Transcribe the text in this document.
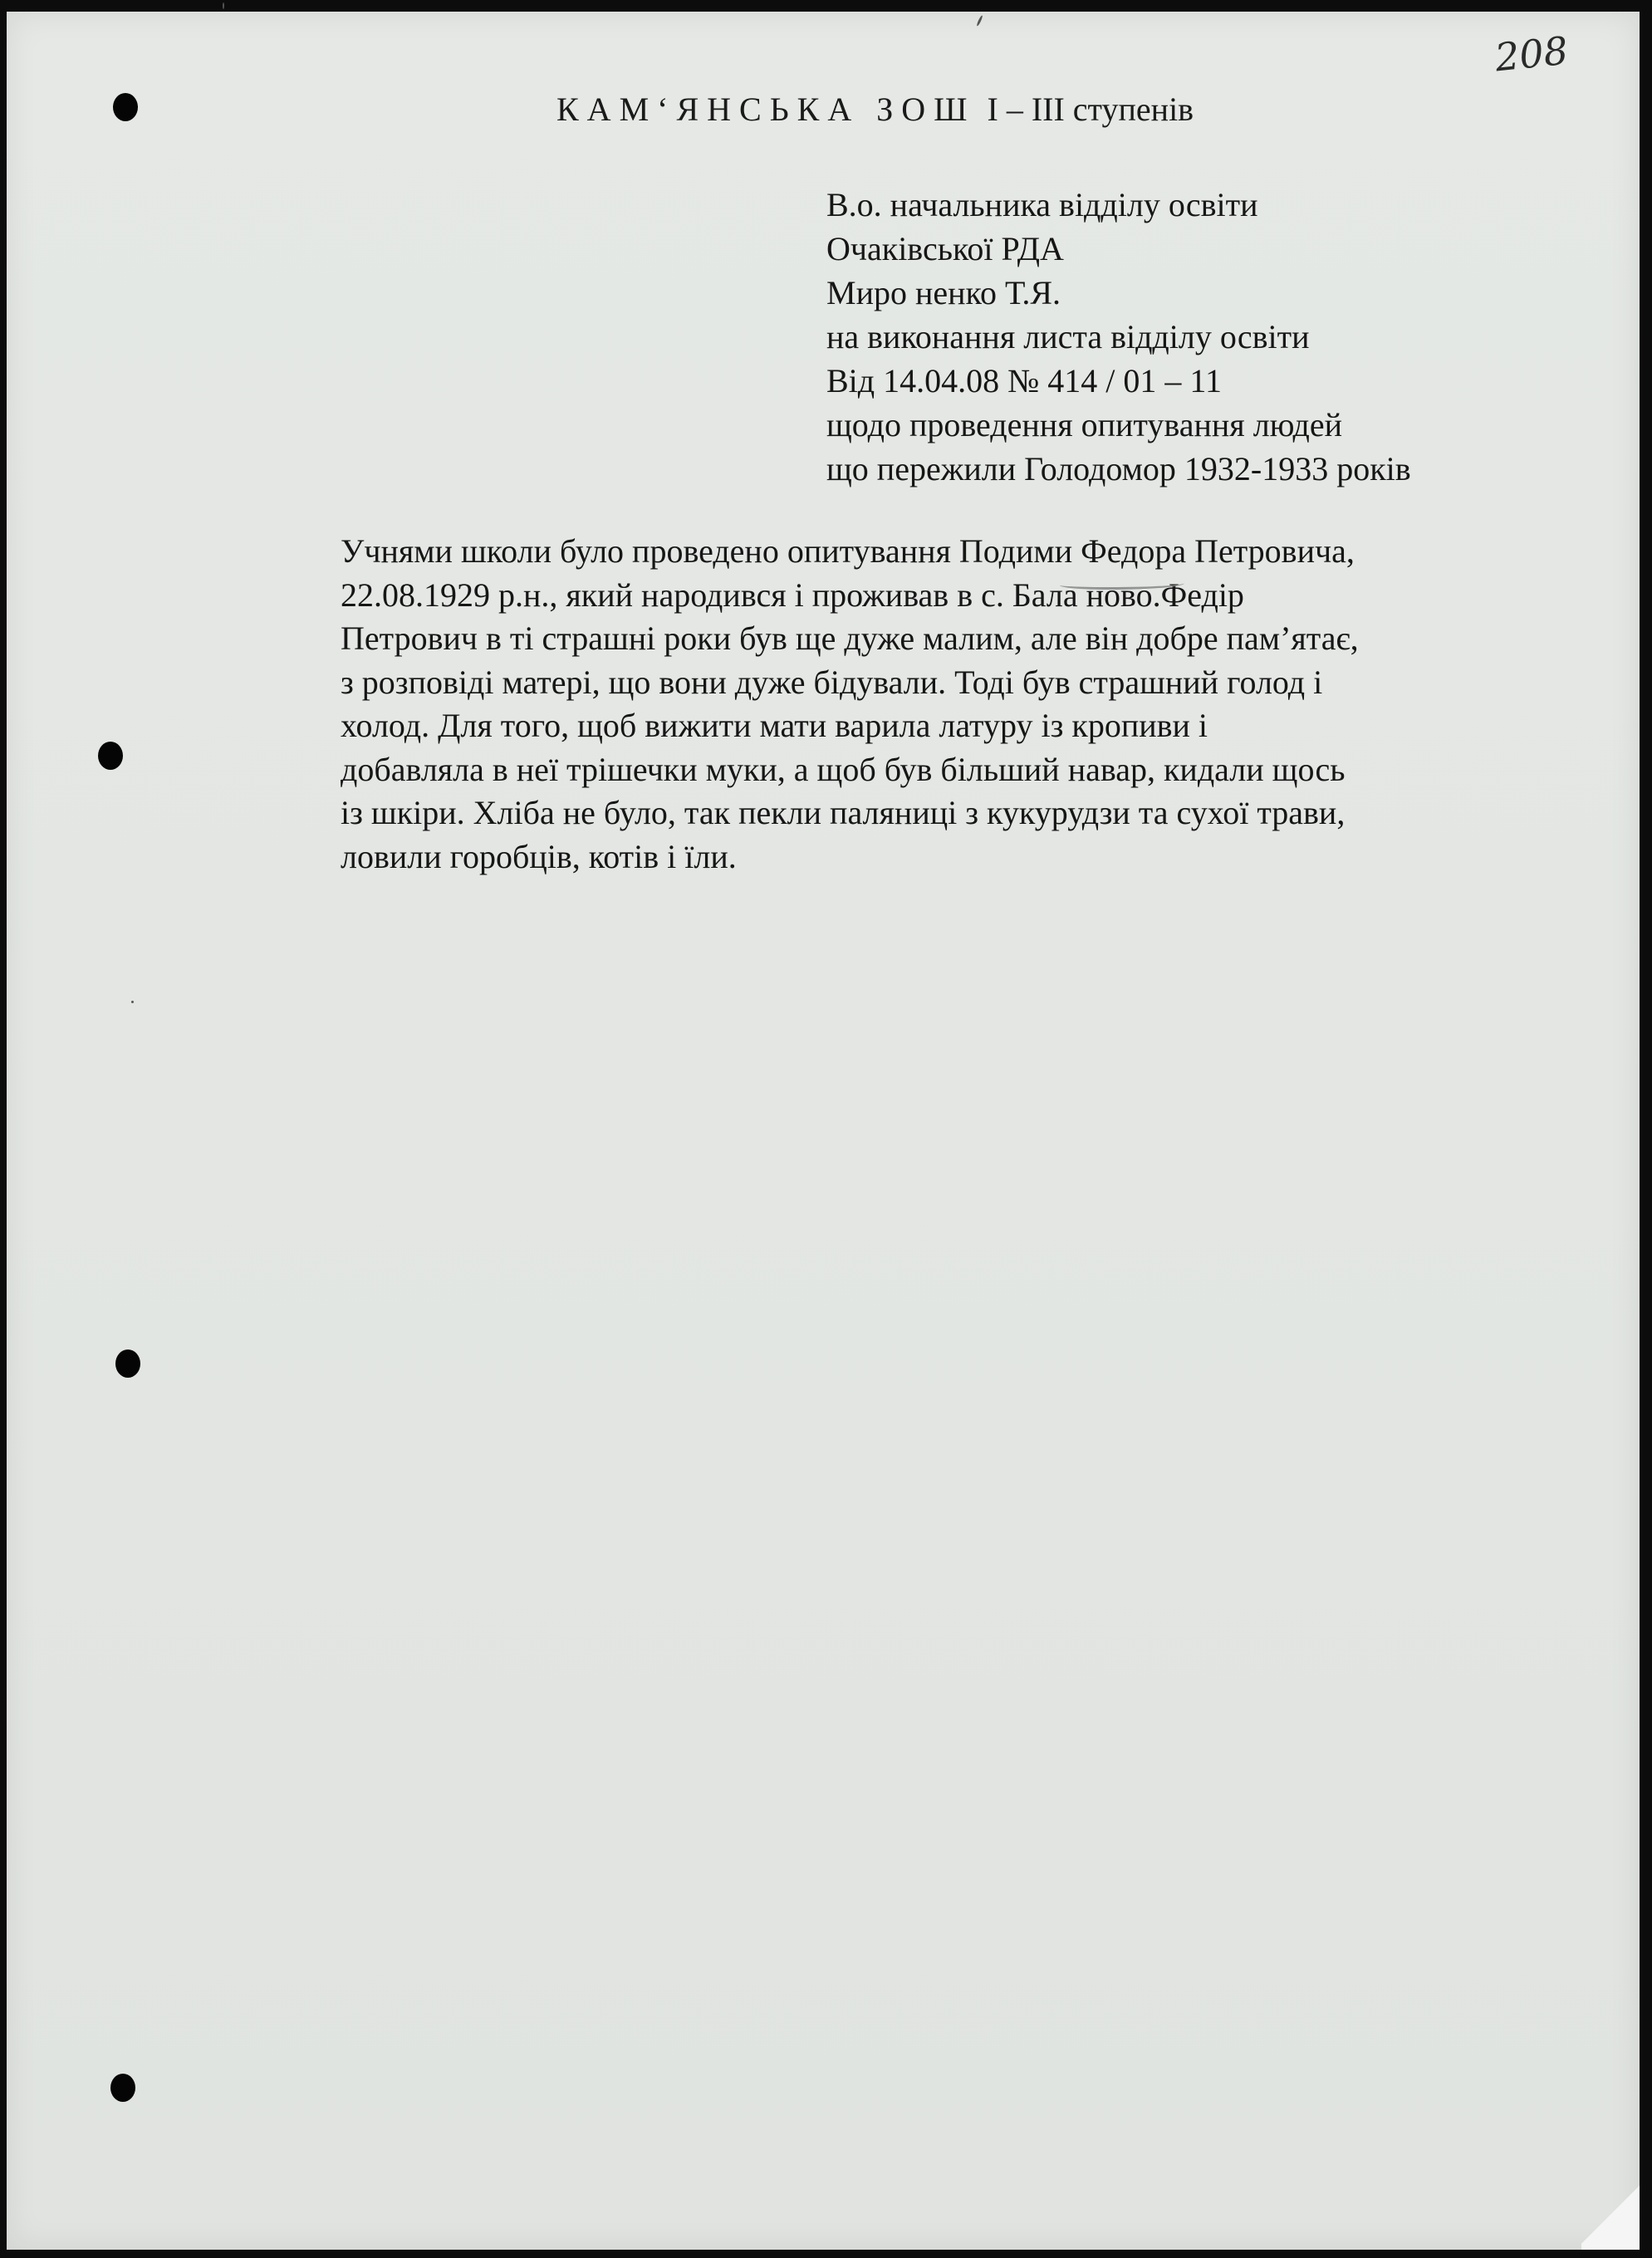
208
КАМ‘ЯНСЬКА ЗОШ І – ІІІ ступенів
В.о. начальника відділу освіти
Очаківської РДА
Миро ненко Т.Я.
на виконання листа відділу освіти
Від 14.04.08 № 414 / 01 – 11
щодо проведення опитування людей
що пережили Голодомор 1932-1933 років
Учнями школи було проведено опитування Подими Федора Петровича,
22.08.1929 р.н., який народився і проживав в с. Бала ново.Федір
Петрович в ті страшні роки був ще дуже малим, але він добре пам’ятає,
з розповіді матері, що вони дуже бідували. Тоді був страшний голод і
холод. Для того, щоб вижити мати варила латуру із кропиви і
добавляла в неї трішечки муки, а щоб був більший навар, кидали щось
із шкіри. Хліба не було, так пекли паляниці з кукурудзи та сухої трави,
ловили горобців, котів і їли.
